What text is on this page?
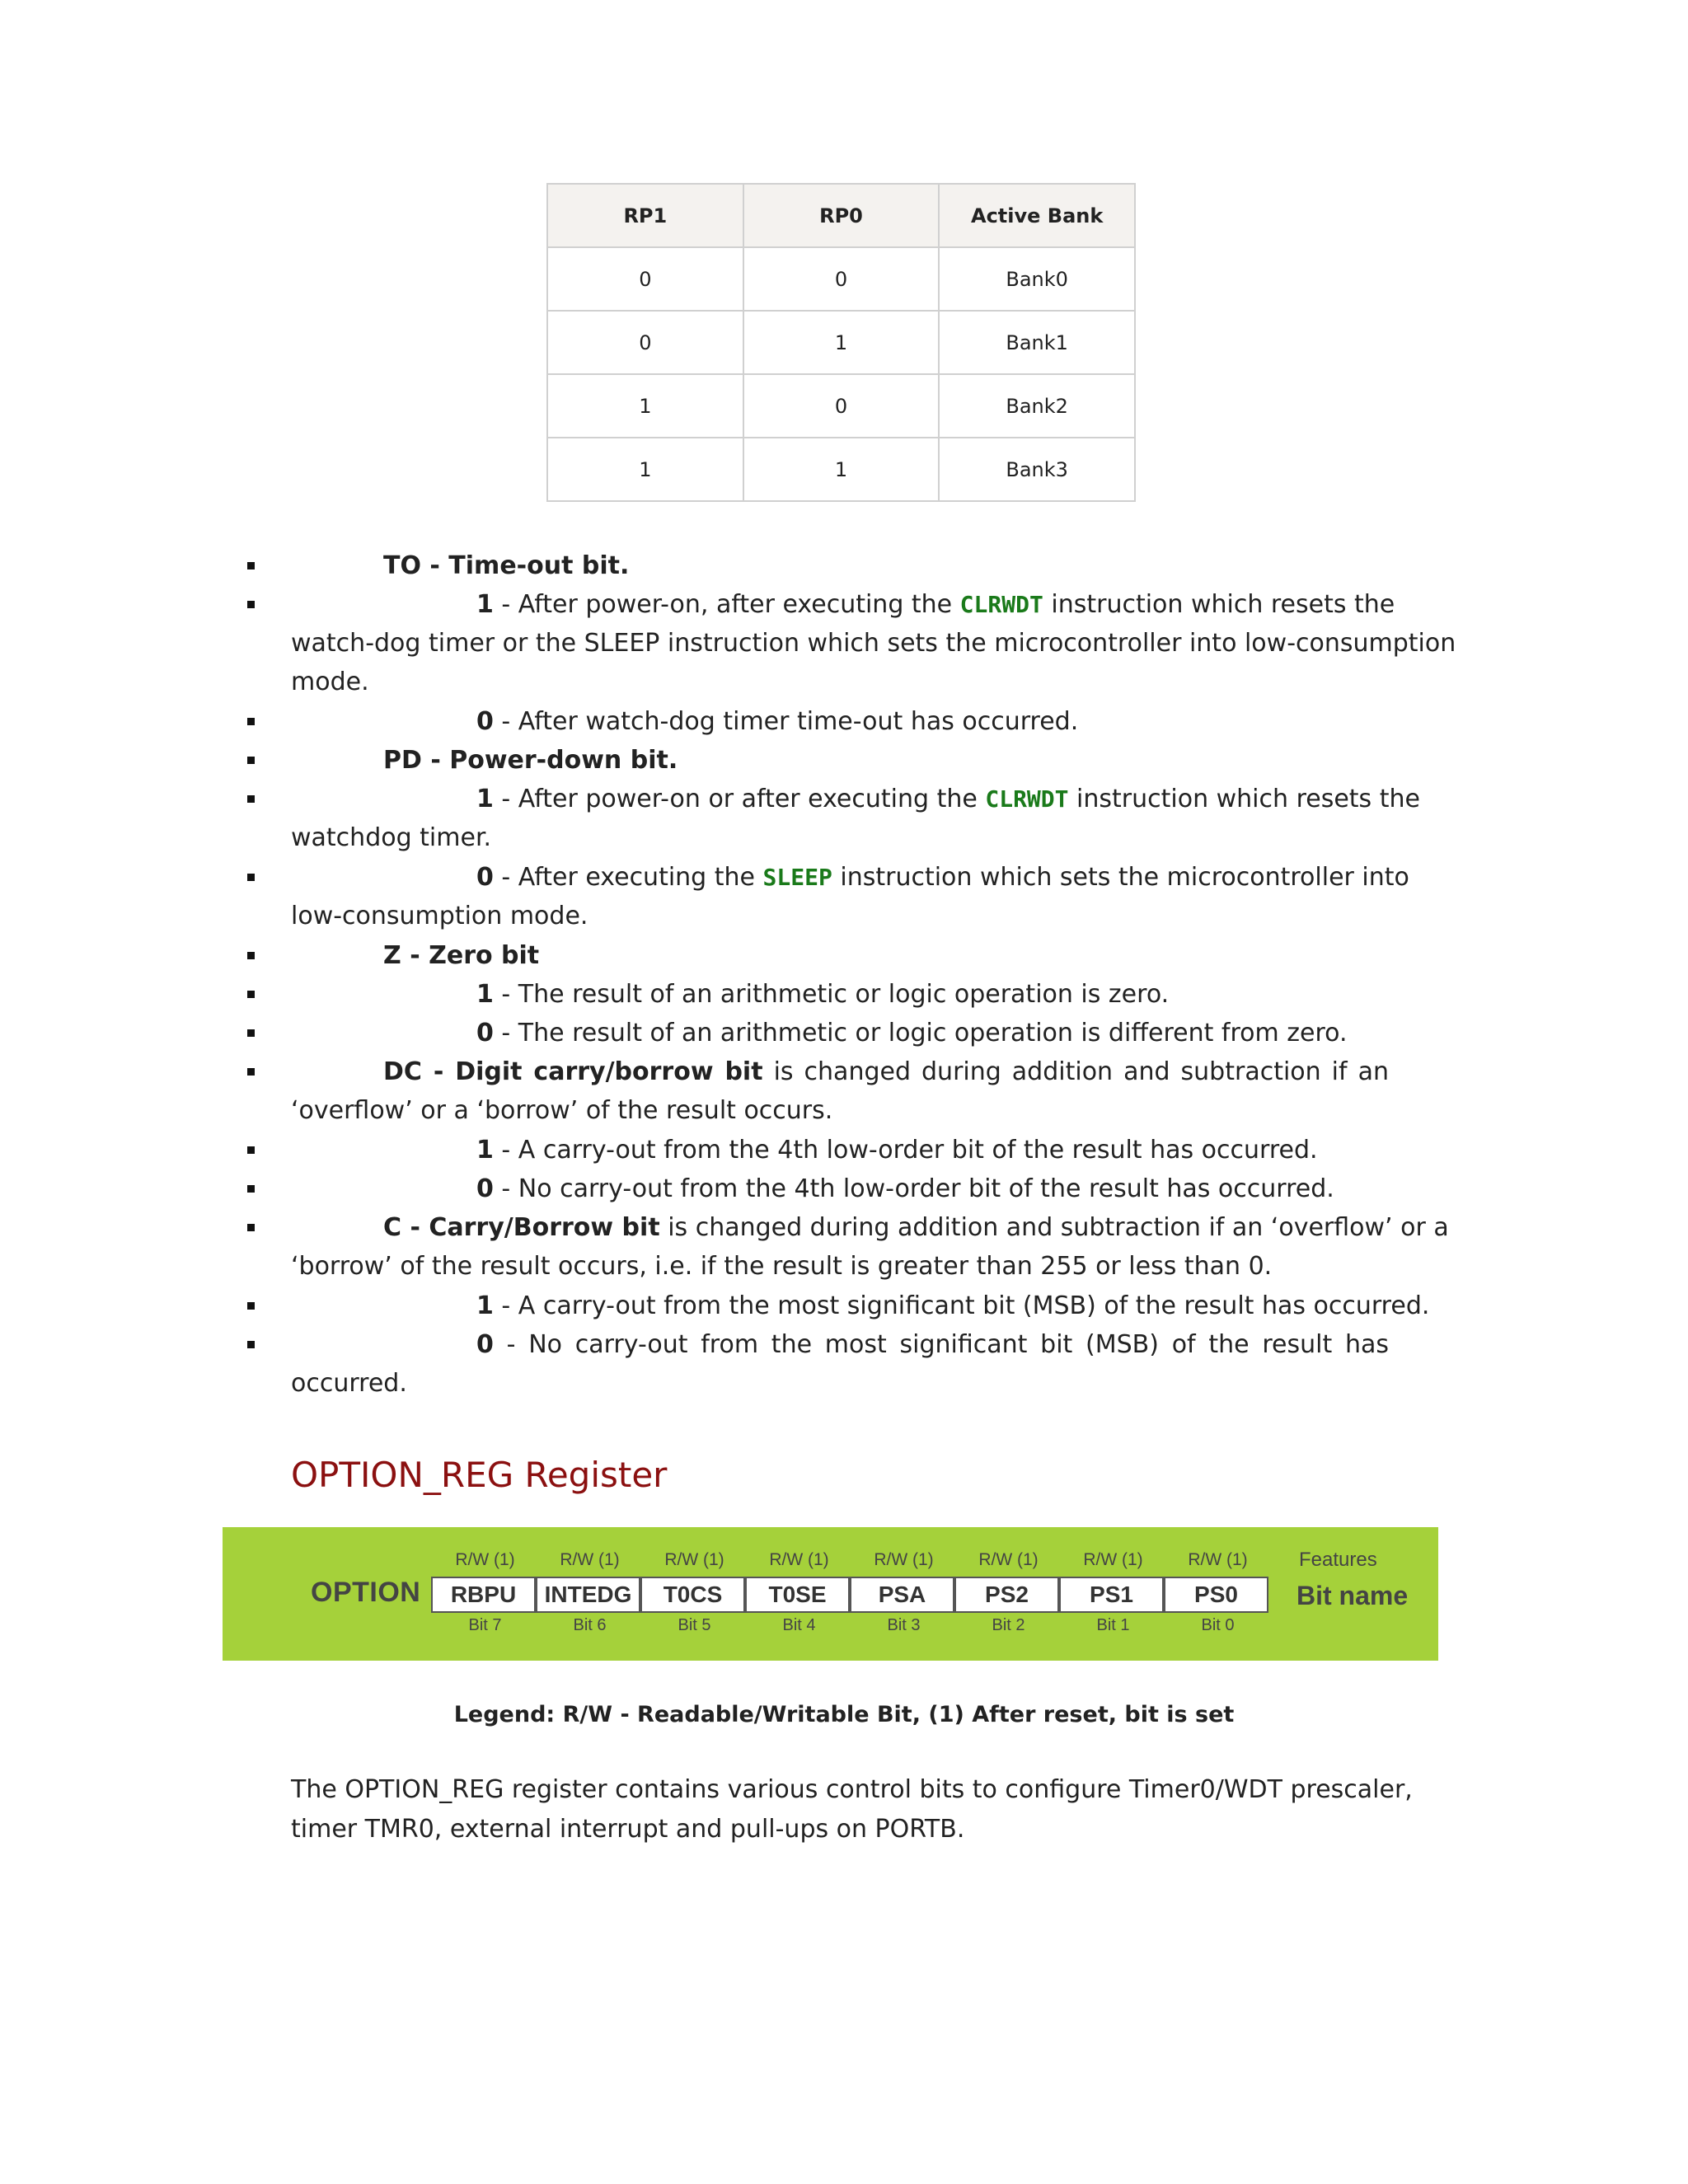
RP1	RP0	Active Bank
0	0	Bank0
0	1	Bank1
1	0	Bank2
1	1	Bank3
TO - Time-out bit.
1 - After power-on, after executing the CLRWDT instruction which resets the
watch-dog timer or the SLEEP instruction which sets the microcontroller into low-consumption
mode.
0 - After watch-dog timer time-out has occurred.
PD - Power-down bit.
1 - After power-on or after executing the CLRWDT instruction which resets the
watchdog timer.
0 - After executing the SLEEP instruction which sets the microcontroller into
low-consumption mode.
Z - Zero bit
1 - The result of an arithmetic or logic operation is zero.
0 - The result of an arithmetic or logic operation is different from zero.
DC - Digit carry/borrow bit is changed during addition and subtraction if an
‘overflow’ or a ‘borrow’ of the result occurs.
1 - A carry-out from the 4th low-order bit of the result has occurred.
0 - No carry-out from the 4th low-order bit of the result has occurred.
C - Carry/Borrow bit is changed during addition and subtraction if an ‘overflow’ or a
‘borrow’ of the result occurs, i.e. if the result is greater than 255 or less than 0.
1 - A carry-out from the most significant bit (MSB) of the result has occurred.
0 - No carry-out from the most significant bit (MSB) of the result has
occurred.
OPTION_REG Register
OPTION
R/W (1)	R/W (1)	R/W (1)	R/W (1)	R/W (1)	R/W (1)	R/W (1)	R/W (1)
RBPU	INTEDG	T0CS	T0SE	PSA	PS2	PS1	PS0
Bit 7	Bit 6	Bit 5	Bit 4	Bit 3	Bit 2	Bit 1	Bit 0
Features
Bit name
Legend: R/W - Readable/Writable Bit, (1) After reset, bit is set
The OPTION_REG register contains various control bits to configure Timer0/WDT prescaler,
timer TMR0, external interrupt and pull-ups on PORTB.
